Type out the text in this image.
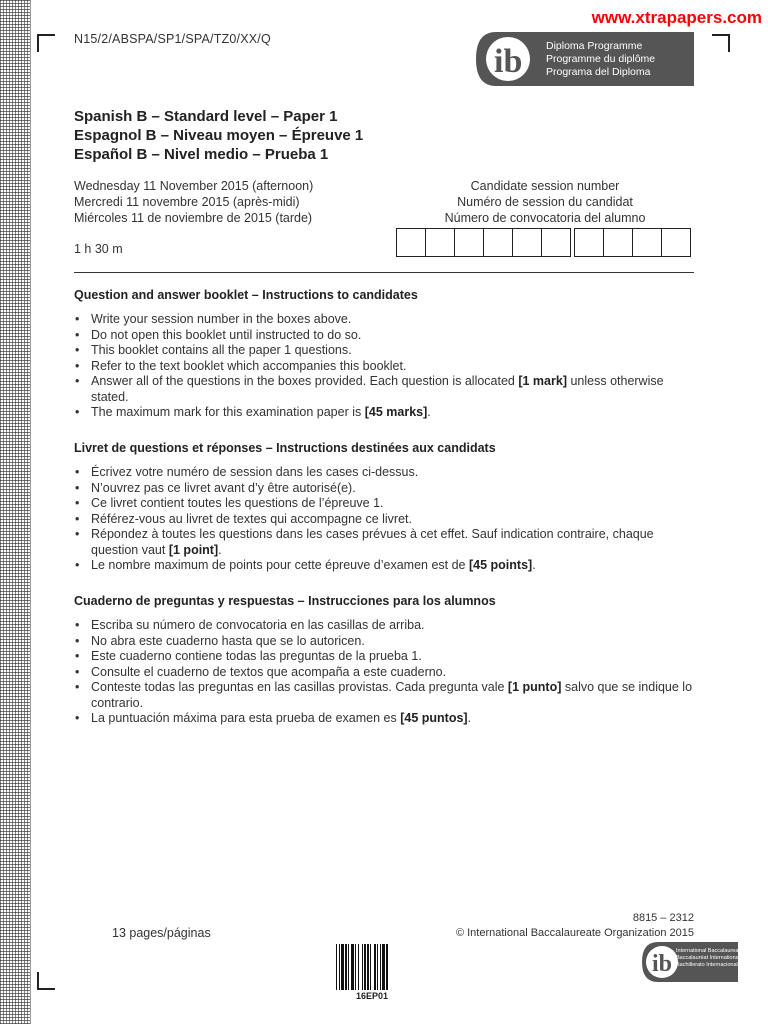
www.xtrapapers.com
N15/2/ABSPA/SP1/SPA/TZ0/XX/Q
ib Diploma Programme
Programme du diplôme
Programa del Diploma
Spanish B – Standard level – Paper 1
Espagnol B – Niveau moyen – Épreuve 1
Español B – Nivel medio – Prueba 1
Wednesday 11 November 2015 (afternoon)
Mercredi 11 novembre 2015 (après-midi)
Miércoles 11 de noviembre de 2015 (tarde)
1 h 30 m
Candidate session number
Numéro de session du candidat
Número de convocatoria del alumno
Question and answer booklet – Instructions to candidates
• Write your session number in the boxes above.
• Do not open this booklet until instructed to do so.
• This booklet contains all the paper 1 questions.
• Refer to the text booklet which accompanies this booklet.
• Answer all of the questions in the boxes provided. Each question is allocated [1 mark] unless otherwise stated.
• The maximum mark for this examination paper is [45 marks].
Livret de questions et réponses – Instructions destinées aux candidats
• Écrivez votre numéro de session dans les cases ci-dessus.
• N’ouvrez pas ce livret avant d’y être autorisé(e).
• Ce livret contient toutes les questions de l’épreuve 1.
• Référez-vous au livret de textes qui accompagne ce livret.
• Répondez à toutes les questions dans les cases prévues à cet effet. Sauf indication contraire, chaque question vaut [1 point].
• Le nombre maximum de points pour cette épreuve d’examen est de [45 points].
Cuaderno de preguntas y respuestas – Instrucciones para los alumnos
• Escriba su número de convocatoria en las casillas de arriba.
• No abra este cuaderno hasta que se lo autoricen.
• Este cuaderno contiene todas las preguntas de la prueba 1.
• Consulte el cuaderno de textos que acompaña a este cuaderno.
• Conteste todas las preguntas en las casillas provistas. Cada pregunta vale [1 punto] salvo que se indique lo contrario.
• La puntuación máxima para esta prueba de examen es [45 puntos].
13 pages/páginas
8815 – 2312
© International Baccalaureate Organization 2015
16EP01
ib International Baccalaureate
Baccalauréat International
Bachillerato Internacional
